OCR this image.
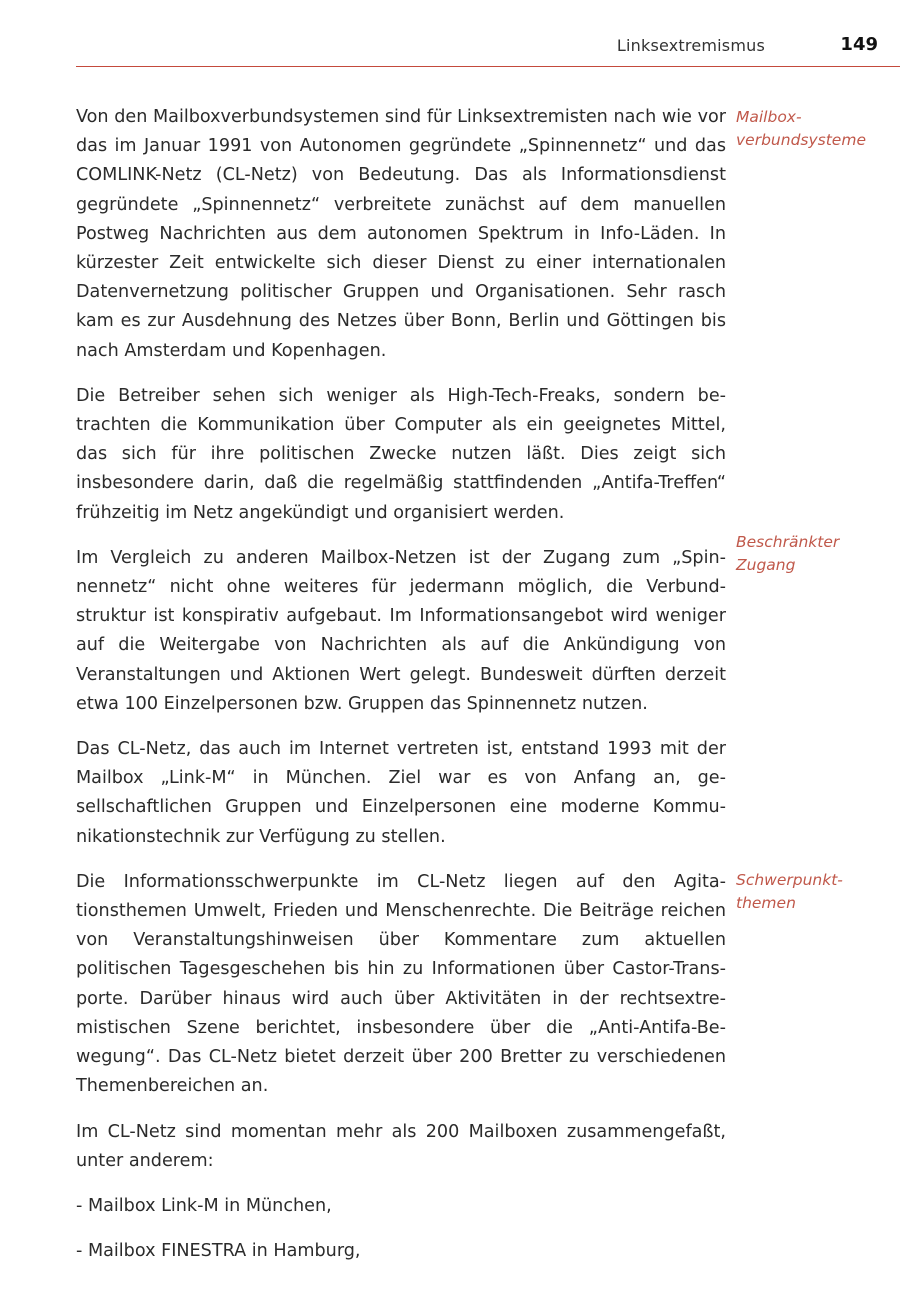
Linksextremismus	149

Von den Mailboxverbundsystemen sind für Linksextremisten nach wie vor das im Januar 1991 von Autonomen gegründete „Spinnennetz“ und das COMLINK-Netz (CL-Netz) von Bedeutung. Das als Informationsdienst gegründete „Spinnennetz“ verbreitete zunächst auf dem manuellen Postweg Nachrichten aus dem autonomen Spektrum in Info-Läden. In kürzester Zeit entwickelte sich dieser Dienst zu einer internationalen Datenvernetzung politischer Gruppen und Organisationen. Sehr rasch kam es zur Ausdehnung des Netzes über Bonn, Berlin und Göttingen bis nach Amsterdam und Kopenhagen.

Die Betreiber sehen sich weniger als High-Tech-Freaks, sondern betrachten die Kommunikation über Computer als ein geeignetes Mittel, das sich für ihre politischen Zwecke nutzen läßt. Dies zeigt sich insbesondere darin, daß die regelmäßig stattfindenden „Antifa-Treffen“ frühzeitig im Netz angekündigt und organisiert werden.

Im Vergleich zu anderen Mailbox-Netzen ist der Zugang zum „Spinnennetz“ nicht ohne weiteres für jedermann möglich, die Verbundstruktur ist konspirativ aufgebaut. Im Informationsangebot wird weniger auf die Weitergabe von Nachrichten als auf die Ankündigung von Veranstaltungen und Aktionen Wert gelegt. Bundesweit dürften derzeit etwa 100 Einzelpersonen bzw. Gruppen das Spinnennetz nutzen.

Das CL-Netz, das auch im Internet vertreten ist, entstand 1993 mit der Mailbox „Link-M“ in München. Ziel war es von Anfang an, gesellschaftlichen Gruppen und Einzelpersonen eine moderne Kommunikationstechnik zur Verfügung zu stellen.

Die Informationsschwerpunkte im CL-Netz liegen auf den Agitationsthemen Umwelt, Frieden und Menschenrechte. Die Beiträge reichen von Veranstaltungshinweisen über Kommentare zum aktuellen politischen Tagesgeschehen bis hin zu Informationen über Castor-Transporte. Darüber hinaus wird auch über Aktivitäten in der rechtsextremistischen Szene berichtet, insbesondere über die „Anti-Antifa-Bewegung“. Das CL-Netz bietet derzeit über 200 Bretter zu verschiedenen Themenbereichen an.

Im CL-Netz sind momentan mehr als 200 Mailboxen zusammengefaßt, unter anderem:

- Mailbox Link-M in München,

- Mailbox FINESTRA in Hamburg,

Mailbox-verbundsysteme
Beschränkter Zugang
Schwerpunkt-themen
